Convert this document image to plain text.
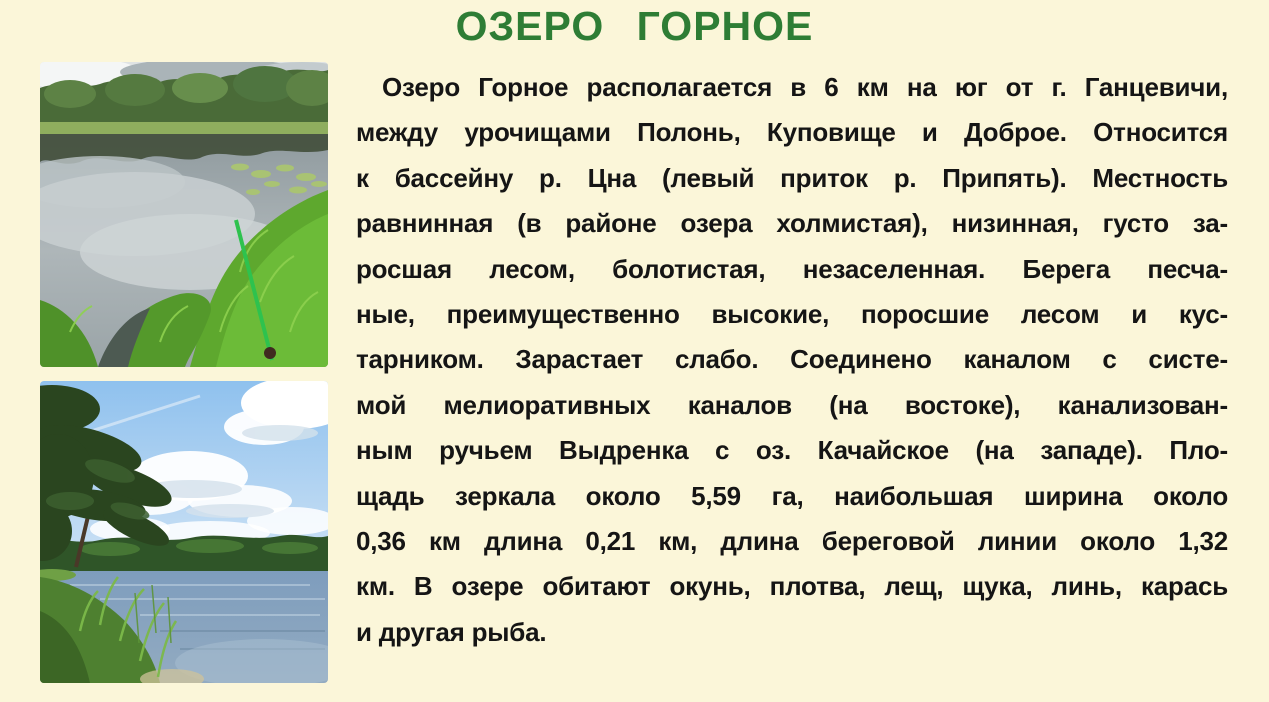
ОЗЕРО ГОРНОЕ

Озеро Горное располагается в 6 км на юг от г. Ганцевичи,

между урочищами Полонь, Куповище и Доброе. Относится

к бассейну р. Цна (левый приток р. Припять). Местность

равнинная (в районе озера холмистая), низинная, густо за-

росшая лесом, болотистая, незаселенная. Берега песча-

ные, преимущественно высокие, поросшие лесом и кус-

тарником. Зарастает слабо. Соединено каналом с систе-

мой мелиоративных каналов (на востоке), канализован-

ным ручьем Выдренка с оз. Качайское (на западе). Пло-

щадь зеркала около 5,59 га, наибольшая ширина около

0,36 км длина 0,21 км, длина береговой линии около 1,32

км. В озере обитают окунь, плотва, лещ, щука, линь, карась

и другая рыба.
